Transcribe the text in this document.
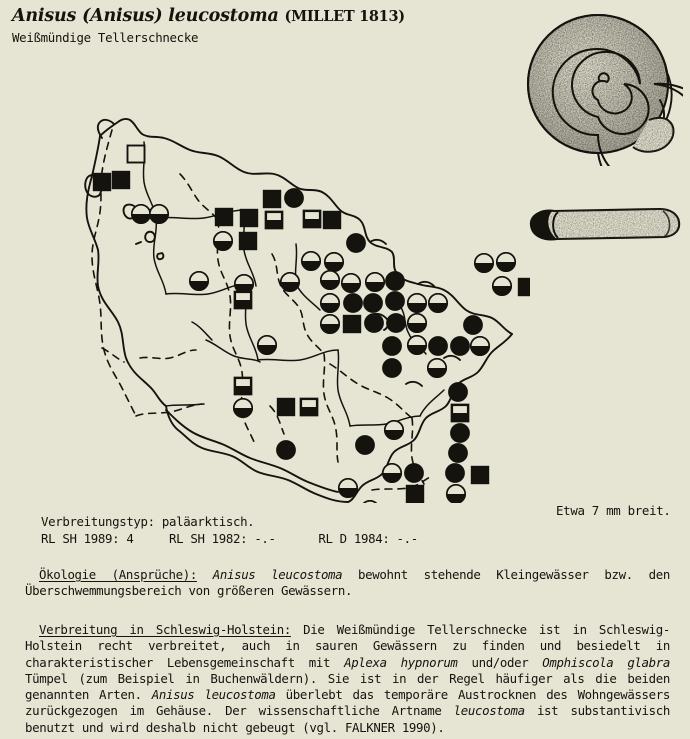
Anisus (Anisus) leucostoma (MILLET 1813)
Weißmündige Tellerschnecke
Etwa 7 mm breit.
Verbreitungstyp: paläarktisch.
RL SH 1989: 4	RL SH 1982: -.-	RL D 1984: -.-

Ökologie (Ansprüche): Anisus leucostoma bewohnt stehende Kleingewässer bzw. den Überschwemmungsbereich von größeren Gewässern.

Verbreitung in Schleswig-Holstein: Die Weißmündige Tellerschnecke ist in Schleswig-Holstein recht verbreitet, auch in sauren Gewässern zu finden und besiedelt in charakteristischer Lebensgemeinschaft mit Aplexa hypnorum und/oder Omphiscola glabra Tümpel (zum Beispiel in Buchenwäldern). Sie ist in der Regel häufiger als die beiden genannten Arten. Anisus leucostoma überlebt das temporäre Austrocknen des Wohngewässers zurückgezogen im Gehäuse. Der wissenschaftliche Artname leucostoma ist substantivisch benutzt und wird deshalb nicht gebeugt (vgl. FALKNER 1990).
